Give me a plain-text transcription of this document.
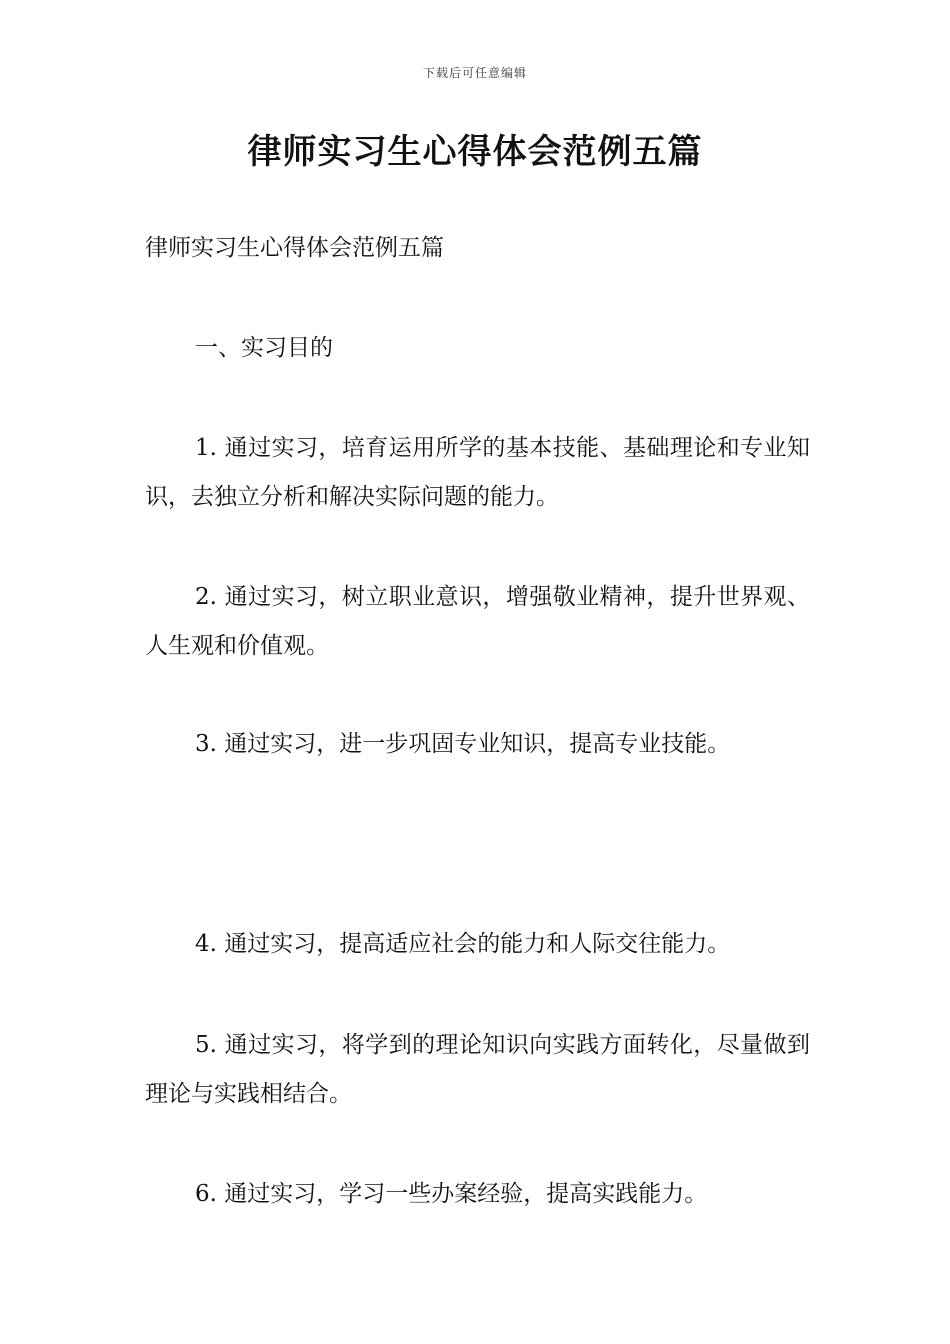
下载后可任意编辑
律师实习生心得体会范例五篇

律师实习生心得体会范例五篇

一、实习目的

1. 通过实习，培育运用所学的基本技能、基础理论和专业知识，去独立分析和解决实际问题的能力。

2. 通过实习，树立职业意识，增强敬业精神，提升世界观、人生观和价值观。

3. 通过实习，进一步巩固专业知识，提高专业技能。

4. 通过实习，提高适应社会的能力和人际交往能力。

5. 通过实习，将学到的理论知识向实践方面转化，尽量做到理论与实践相结合。

6. 通过实习，学习一些办案经验，提高实践能力。
